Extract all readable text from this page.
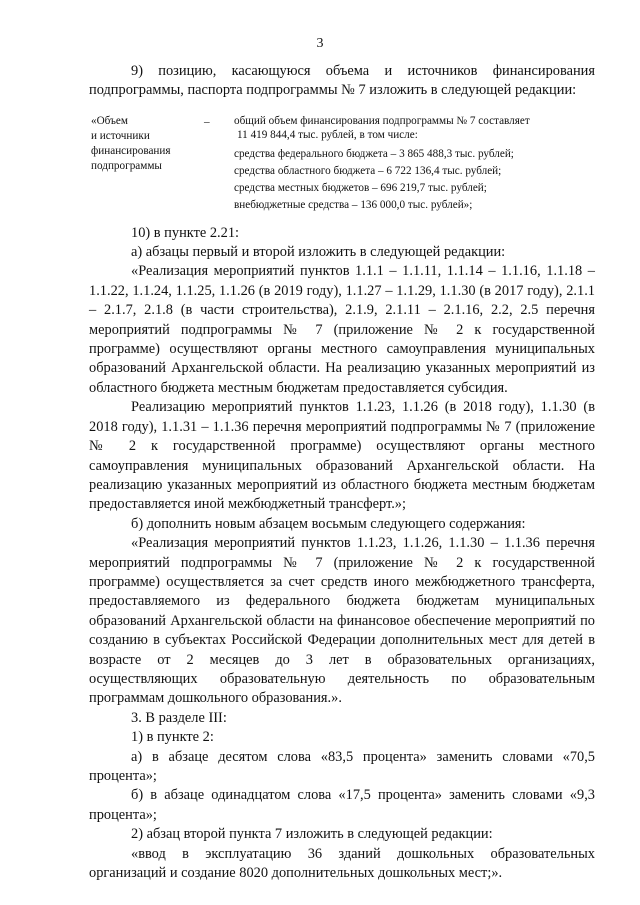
3

9) позицию, касающуюся объема и источников финансирования подпрограммы, паспорта подпрограммы № 7 изложить в следующей редакции:

«Объем
и источники
финансирования
подпрограммы
–	общий объем финансирования подпрограммы № 7 составляет
11 419 844,4 тыс. рублей, в том числе:
средства федерального бюджета – 3 865 488,3 тыс. рублей;
средства областного бюджета – 6 722 136,4 тыс. рублей;
средства местных бюджетов – 696 219,7 тыс. рублей;
внебюджетные средства – 136 000,0 тыс. рублей»;

10) в пункте 2.21:

а) абзацы первый и второй изложить в следующей редакции:

«Реализация мероприятий пунктов 1.1.1 – 1.1.11, 1.1.14 – 1.1.16, 1.1.18 – 1.1.22, 1.1.24, 1.1.25, 1.1.26 (в 2019 году), 1.1.27 – 1.1.29, 1.1.30 (в 2017 году), 2.1.1 – 2.1.7, 2.1.8 (в части строительства), 2.1.9, 2.1.11 – 2.1.16, 2.2, 2.5 перечня мероприятий подпрограммы № 7 (приложение № 2 к государственной программе) осуществляют органы местного самоуправления муниципальных образований Архангельской области. На реализацию указанных мероприятий из областного бюджета местным бюджетам предоставляется субсидия.

Реализацию мероприятий пунктов 1.1.23, 1.1.26 (в 2018 году), 1.1.30 (в 2018 году), 1.1.31 – 1.1.36 перечня мероприятий подпрограммы № 7 (приложение № 2 к государственной программе) осуществляют органы местного самоуправления муниципальных образований Архангельской области. На реализацию указанных мероприятий из областного бюджета местным бюджетам предоставляется иной межбюджетный трансферт.»;

б) дополнить новым абзацем восьмым следующего содержания:

«Реализация мероприятий пунктов 1.1.23, 1.1.26, 1.1.30 – 1.1.36 перечня мероприятий подпрограммы № 7 (приложение № 2 к государственной программе) осуществляется за счет средств иного межбюджетного трансферта, предоставляемого из федерального бюджета бюджетам муниципальных образований Архангельской области на финансовое обеспечение мероприятий по созданию в субъектах Российской Федерации дополнительных мест для детей в возрасте от 2 месяцев до 3 лет в образовательных организациях, осуществляющих образовательную деятельность по образовательным программам дошкольного образования.».

3. В разделе III:

1) в пункте 2:

а) в абзаце десятом слова «83,5 процента» заменить словами «70,5 процента»;

б) в абзаце одинадцатом слова «17,5 процента» заменить словами «9,3 процента»;

2) абзац второй пункта 7 изложить в следующей редакции:

«ввод в эксплуатацию 36 зданий дошкольных образовательных организаций и создание 8020 дополнительных дошкольных мест;».
